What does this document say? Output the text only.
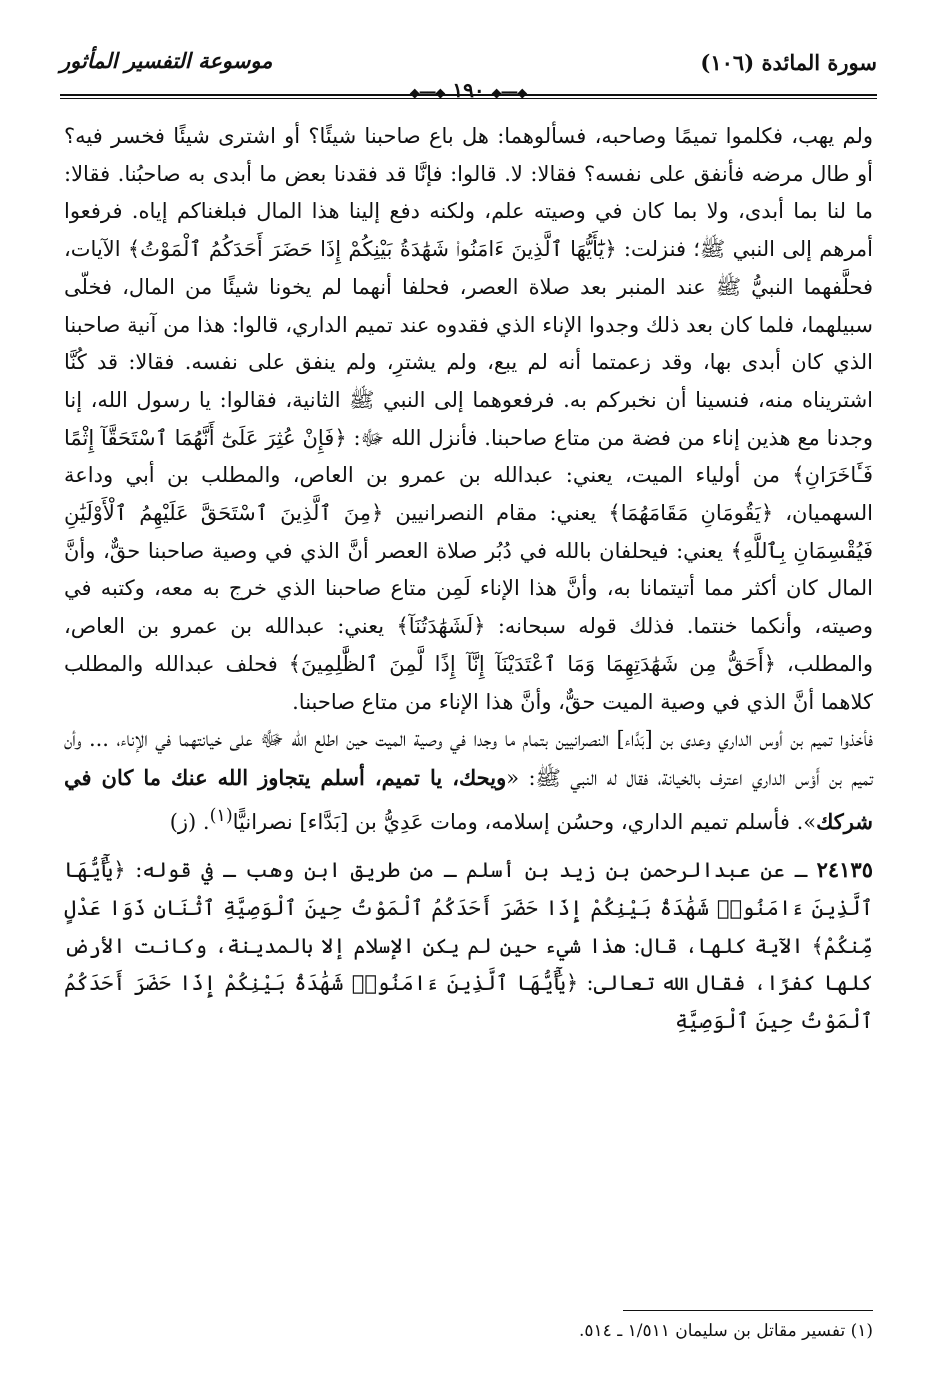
سورة المائدة (١٠٦)
موسوعة التفسير المأثور
◆━━◆ ١٩٠ ◆━━◆

ولم يهب، فكلموا تميمًا وصاحبه، فسألوهما: هل باع صاحبنا شيئًا؟ أو اشترى شيئًا فخسر فيه؟ أو طال مرضه فأنفق على نفسه؟ فقالا: لا. قالوا: فإنَّا قد فقدنا بعض ما أبدى به صاحبُنا. فقالا: ما لنا بما أبدى، ولا بما كان في وصيته علم، ولكنه دفع إلينا هذا المال فبلغناكم إياه. فرفعوا أمرهم إلى النبي ﷺ؛ فنزلت: ﴿يَٰٓأَيُّهَا ٱلَّذِينَ ءَامَنُوا۟ شَهَٰدَةُ بَيْنِكُمْ إِذَا حَضَرَ أَحَدَكُمُ ٱلْمَوْتُ﴾ الآيات، فحلَّفهما النبيُّ ﷺ عند المنبر بعد صلاة العصر، فحلفا أنهما لم يخونا شيئًا من المال، فخلّى سبيلهما، فلما كان بعد ذلك وجدوا الإناء الذي فقدوه عند تميم الداري، قالوا: هذا من آنية صاحبنا الذي كان أبدى بها، وقد زعمتما أنه لم يبع، ولم يشترِ، ولم ينفق على نفسه. فقالا: قد كُنَّا اشتريناه منه، فنسينا أن نخبركم به. فرفعوهما إلى النبي ﷺ الثانية، فقالوا: يا رسول الله، إنا وجدنا مع هذين إناء من فضة من متاع صاحبنا. فأنزل الله ﷻ: ﴿فَإِنْ عُثِرَ عَلَىٰٓ أَنَّهُمَا ٱسْتَحَقَّآ إِثْمًا فَـَٔاخَرَانِ﴾ من أولياء الميت، يعني: عبدالله بن عمرو بن العاص، والمطلب بن أبي وداعة السهميان، ﴿يَقُومَانِ مَقَامَهُمَا﴾ يعني: مقام النصرانيين ﴿مِنَ ٱلَّذِينَ ٱسْتَحَقَّ عَلَيْهِمُ ٱلْأَوْلَيَٰنِ فَيُقْسِمَانِ بِٱللَّهِ﴾ يعني: فيحلفان بالله في دُبُر صلاة العصر أنَّ الذي في وصية صاحبنا حقٌّ، وأنَّ المال كان أكثر مما أتيتمانا به، وأنَّ هذا الإناء لَمِن متاع صاحبنا الذي خرج به معه، وكتبه في وصيته، وأنكما خنتما. فذلك قوله سبحانه: ﴿لَشَهَٰدَتُنَآ﴾ يعني: عبدالله بن عمرو بن العاص، والمطلب، ﴿أَحَقُّ مِن شَهَٰدَتِهِمَا وَمَا ٱعْتَدَيْنَآ إِنَّآ إِذًا لَّمِنَ ٱلظَّٰلِمِينَ﴾ فحلف عبدالله والمطلب كلاهما أنَّ الذي في وصية الميت حقٌّ، وأنَّ هذا الإناء من متاع صاحبنا.

فأخذوا تميم بن أوس الداري وعدى بن [بَدَّاء] النصرانيين بتمام ما وجدا في وصية الميت حين اطلع الله ﷻ على خيانتهما في الإناء، ... وأن تميم بن أَوْس الداري اعترف بالخيانة، فقال له النبي ﷺ: «ويحك، يا تميم، أسلم يتجاوز الله عنك ما كان في شركك». فأسلم تميم الداري، وحسُن إسلامه، ومات عَدِيُّ بن [بَدَّاء] نصرانيًّا$^{(١)}$. (ز)

٢٤١٣٥ ـ عن عبدالرحمن بن زيد بن أسلم ـ من طريق ابن وهب ـ في قوله: ﴿يَٰٓأَيُّهَا ٱلَّذِينَ ءَامَنُوا۟ شَهَٰدَةُ بَيْنِكُمْ إِذَا حَضَرَ أَحَدَكُمُ ٱلْمَوْتُ حِينَ ٱلْوَصِيَّةِ ٱثْنَانِ ذَوَا عَدْلٍ مِّنكُمْ﴾ الآية كلها، قال: هذا شيء حين لم يكن الإسلام إلا بالمدينة، وكانت الأرض كلها كفرًا، فقال الله تعالى: ﴿يَٰٓأَيُّهَا ٱلَّذِينَ ءَامَنُوا۟ شَهَٰدَةُ بَيْنِكُمْ إِذَا حَضَرَ أَحَدَكُمُ ٱلْمَوْتُ حِينَ ٱلْوَصِيَّةِ

(١) تفسير مقاتل بن سليمان ١/٥١١ ـ ٥١٤.
